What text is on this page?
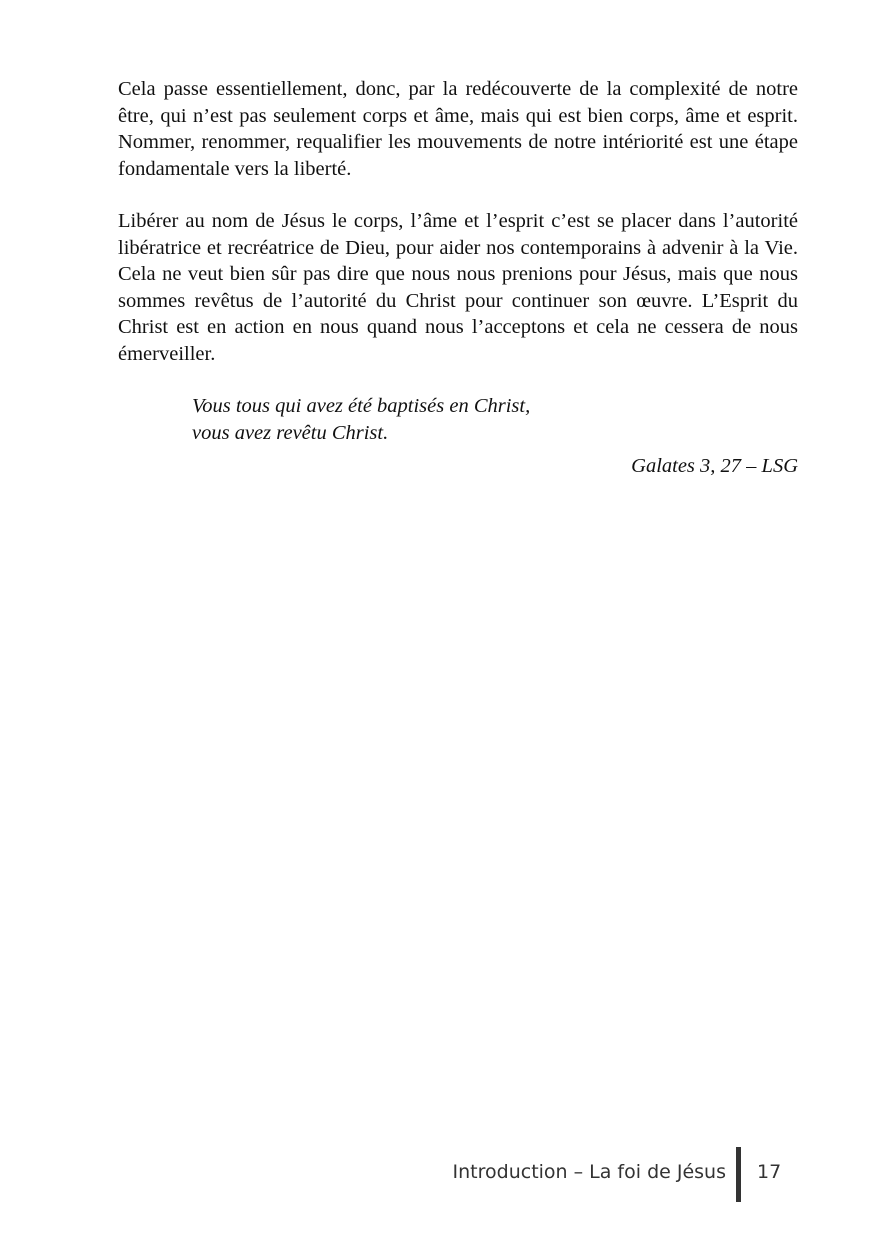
Cela passe essentiellement, donc, par la redécouverte de la complexité de notre être, qui n’est pas seulement corps et âme, mais qui est bien corps, âme et esprit. Nommer, renommer, requalifier les mouvements de notre intériorité est une étape fondamentale vers la liberté.

Libérer au nom de Jésus le corps, l’âme et l’esprit c’est se placer dans l’autorité libératrice et recréatrice de Dieu, pour aider nos contemporains à advenir à la Vie. Cela ne veut bien sûr pas dire que nous nous prenions pour Jésus, mais que nous sommes revêtus de l’autorité du Christ pour continuer son œuvre. L’Esprit du Christ est en action en nous quand nous l’acceptons et cela ne cessera de nous émerveiller.

Vous tous qui avez été baptisés en Christ,
vous avez revêtu Christ.

Galates 3, 27 – LSG

Introduction – La foi de Jésus 17
